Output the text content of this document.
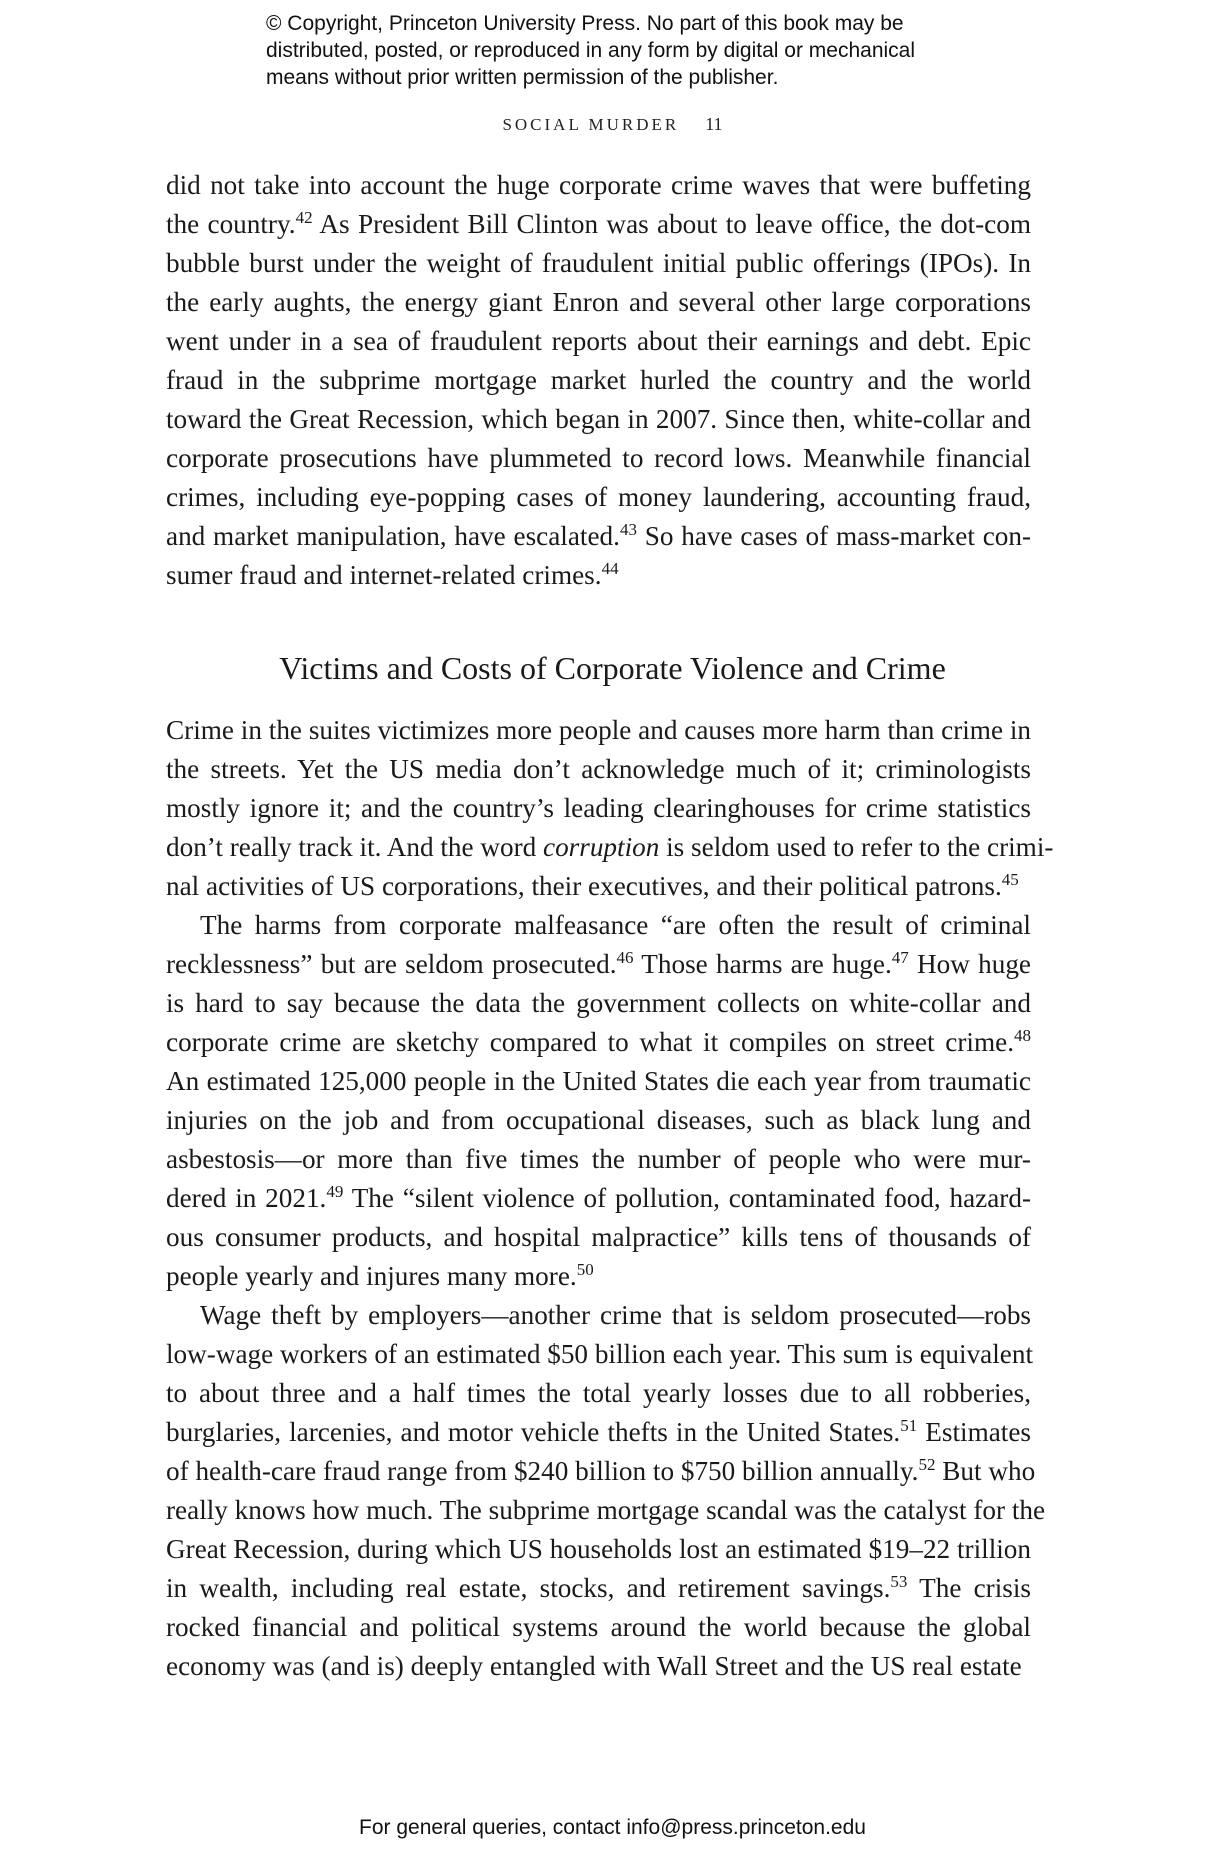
© Copyright, Princeton University Press. No part of this book may be
distributed, posted, or reproduced in any form by digital or mechanical
means without prior written permission of the publisher.
SOCIAL MURDER 11
did not take into account the huge corporate crime waves that were buffeting
the country.$^{42}$ As President Bill Clinton was about to leave office, the dot-com
bubble burst under the weight of fraudulent initial public offerings (IPOs). In
the early aughts, the energy giant Enron and several other large corporations
went under in a sea of fraudulent reports about their earnings and debt. Epic
fraud in the subprime mortgage market hurled the country and the world
toward the Great Recession, which began in 2007. Since then, white-collar and
corporate prosecutions have plummeted to record lows. Meanwhile financial
crimes, including eye-popping cases of money laundering, accounting fraud,
and market manipulation, have escalated.$^{43}$ So have cases of mass-market con-
sumer fraud and internet-related crimes.$^{44}$
Victims and Costs of Corporate Violence and Crime
Crime in the suites victimizes more people and causes more harm than crime in
the streets. Yet the US media don’t acknowledge much of it; criminologists
mostly ignore it; and the country’s leading clearinghouses for crime statistics
don’t really track it. And the word corruption is seldom used to refer to the crimi-
nal activities of US corporations, their executives, and their political patrons.$^{45}$
The harms from corporate malfeasance “are often the result of criminal
recklessness” but are seldom prosecuted.$^{46}$ Those harms are huge.$^{47}$ How huge
is hard to say because the data the government collects on white-collar and
corporate crime are sketchy compared to what it compiles on street crime.$^{48}$
An estimated 125,000 people in the United States die each year from traumatic
injuries on the job and from occupational diseases, such as black lung and
asbestosis—or more than five times the number of people who were mur-
dered in 2021.49 The “silent violence of pollution, contaminated food, hazard-
ous consumer products, and hospital malpractice” kills tens of thousands of
people yearly and injures many more.$^{50}$
Wage theft by employers—another crime that is seldom prosecuted—robs
low-wage workers of an estimated $50 billion each year. This sum is equivalent
to about three and a half times the total yearly losses due to all robberies,
burglaries, larcenies, and motor vehicle thefts in the United States.$^{51}$ Estimates
of health-care fraud range from $240 billion to $750 billion annually.$^{52}$ But who
really knows how much. The subprime mortgage scandal was the catalyst for the
Great Recession, during which US households lost an estimated $19–22 trillion
in wealth, including real estate, stocks, and retirement savings.$^{53}$ The crisis
rocked financial and political systems around the world because the global
economy was (and is) deeply entangled with Wall Street and the US real estate
For general queries, contact info@press.princeton.edu
